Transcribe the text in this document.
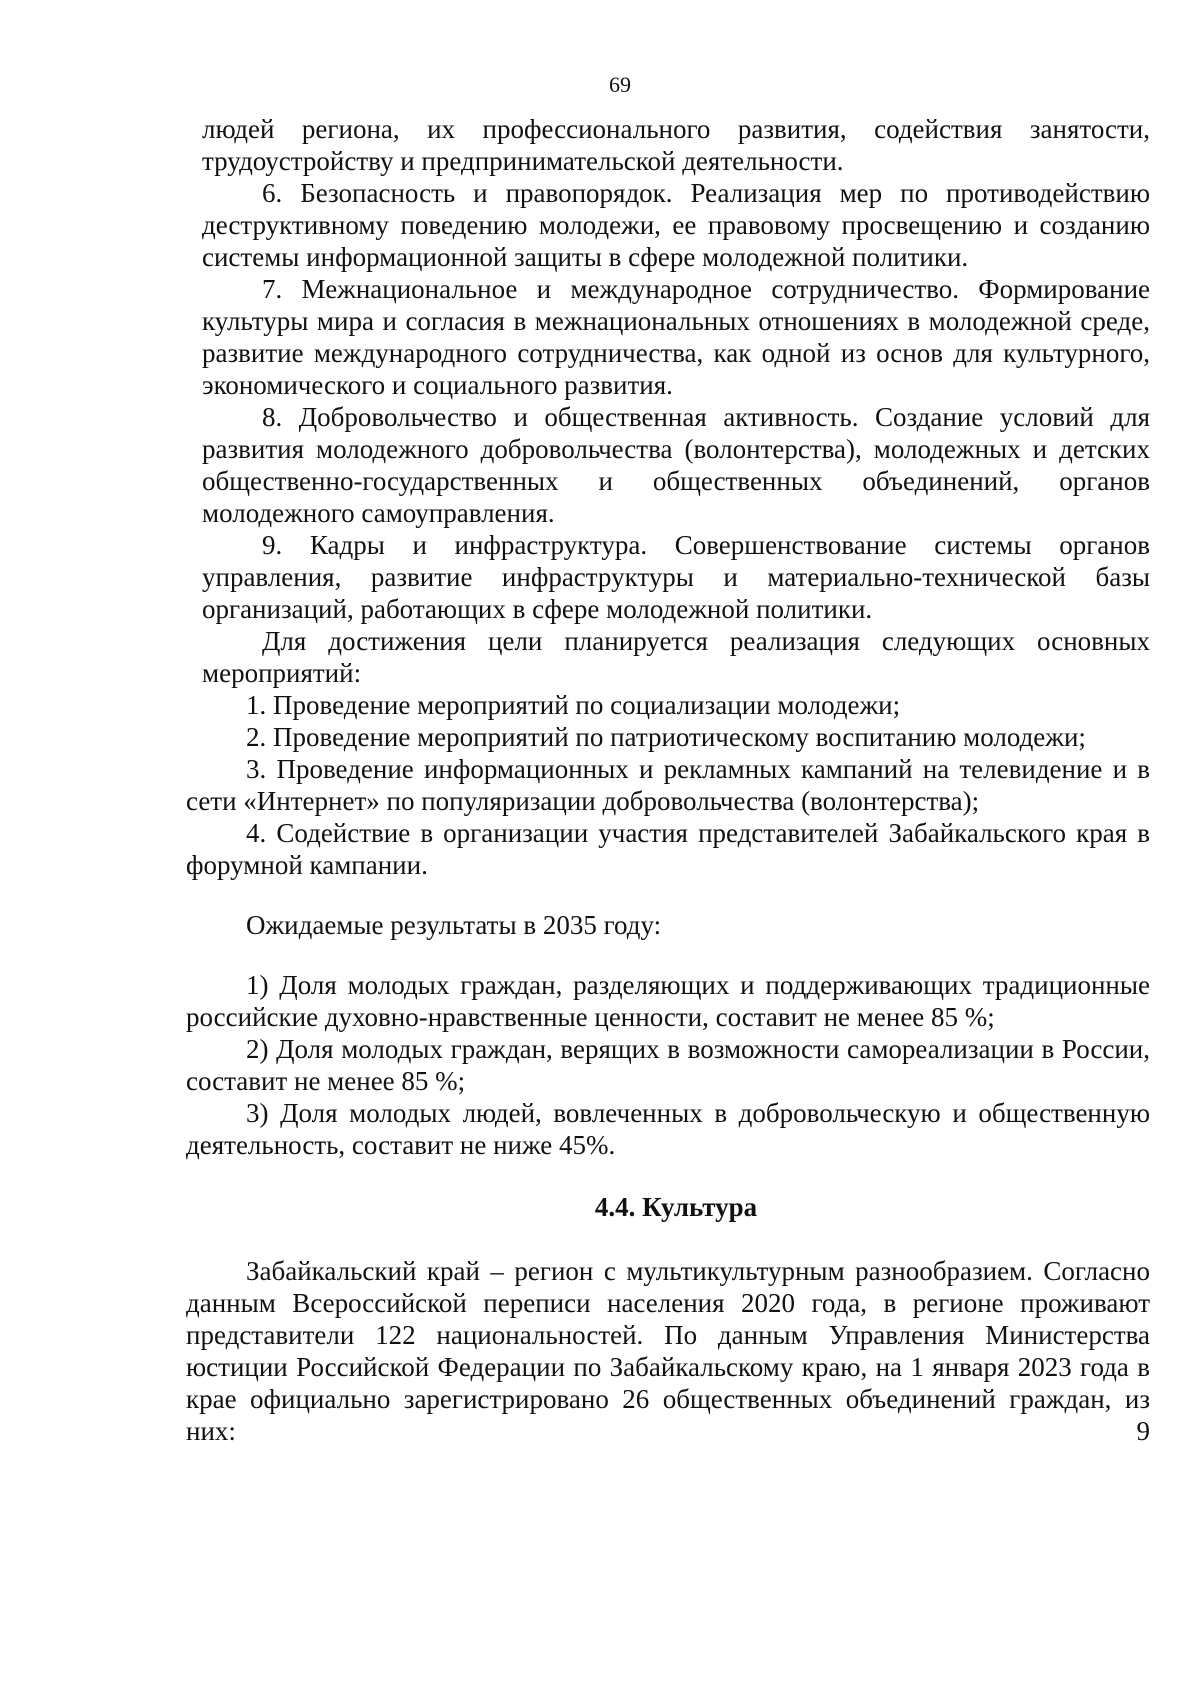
69

людей региона, их профессионального развития, содействия занятости, трудоустройству и предпринимательской деятельности.

6. Безопасность и правопорядок. Реализация мер по противодействию деструктивному поведению молодежи, ее правовому просвещению и созданию системы информационной защиты в сфере молодежной политики.

7. Межнациональное и международное сотрудничество. Формирование культуры мира и согласия в межнациональных отношениях в молодежной среде, развитие международного сотрудничества, как одной из основ для культурного, экономического и социального развития.

8. Добровольчество и общественная активность. Создание условий для развития молодежного добровольчества (волонтерства), молодежных и детских общественно-государственных и общественных объединений, органов молодежного самоуправления.

9. Кадры и инфраструктура. Совершенствование системы органов управления, развитие инфраструктуры и материально-технической базы организаций, работающих в сфере молодежной политики.

Для достижения цели планируется реализация следующих основных мероприятий:

1. Проведение мероприятий по социализации молодежи;

2. Проведение мероприятий по патриотическому воспитанию молодежи;

3. Проведение информационных и рекламных кампаний на телевидение и в сети «Интернет» по популяризации добровольчества (волонтерства);

4. Содействие в организации участия представителей Забайкальского края в форумной кампании.

Ожидаемые результаты в 2035 году:

1) Доля молодых граждан, разделяющих и поддерживающих традиционные российские духовно-нравственные ценности, составит не менее 85 %;

2) Доля молодых граждан, верящих в возможности самореализации в России, составит не менее 85 %;

3) Доля молодых людей, вовлеченных в добровольческую и общественную деятельность, составит не ниже 45%.

4.4. Культура

Забайкальский край – регион с мультикультурным разнообразием. Согласно данным Всероссийской переписи населения 2020 года, в регионе проживают представители 122 национальностей. По данным Управления Министерства юстиции Российской Федерации по Забайкальскому краю, на 1 января 2023 года в крае официально зарегистрировано 26 общественных объединений граждан, из них: 9
